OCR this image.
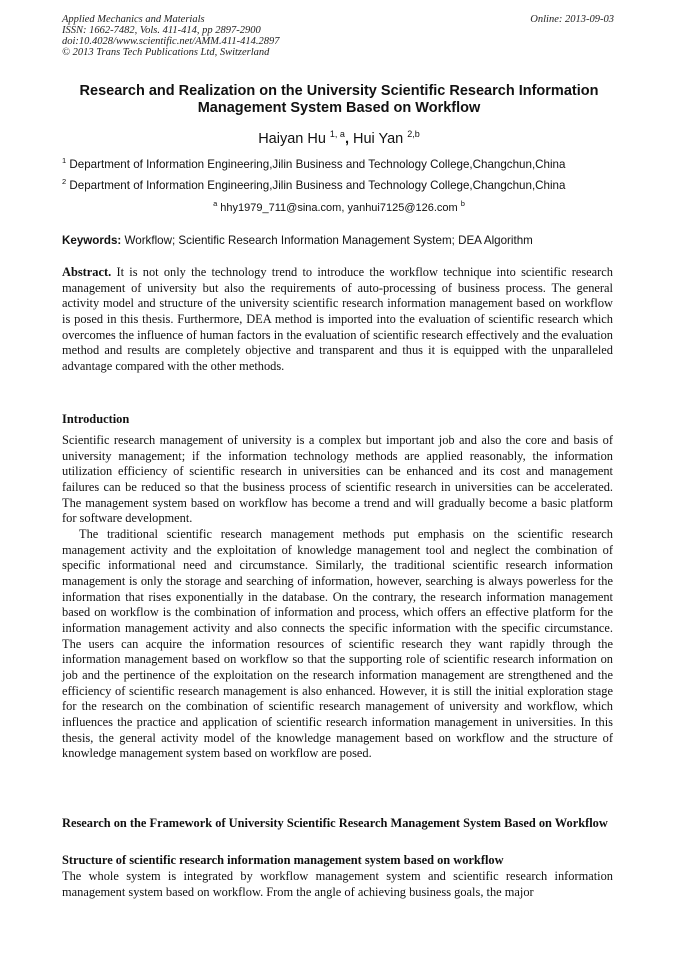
Applied Mechanics and Materials
ISSN: 1662-7482, Vols. 411-414, pp 2897-2900
doi:10.4028/www.scientific.net/AMM.411-414.2897
© 2013 Trans Tech Publications Ltd, Switzerland
Online: 2013-09-03
Research and Realization on the University Scientific Research Information Management System Based on Workflow
Haiyan Hu $^{1, a}$, Hui Yan $^{2,b}$
$^1$ Department of Information Engineering,Jilin Business and Technology College,Changchun,China
$^2$ Department of Information Engineering,Jilin Business and Technology College,Changchun,China
$^a$ hhy1979_711@sina.com, yanhui7125@126.com $^b$
Keywords: Workflow; Scientific Research Information Management System; DEA Algorithm

Abstract. It is not only the technology trend to introduce the workflow technique into scientific research management of university but also the requirements of auto-processing of business process. The general activity model and structure of the university scientific research information management based on workflow is posed in this thesis. Furthermore, DEA method is imported into the evaluation of scientific research which overcomes the influence of human factors in the evaluation of scientific research effectively and the evaluation method and results are completely objective and transparent and thus it is equipped with the unparalleled advantage compared with the other methods.

Introduction

Scientific research management of university is a complex but important job and also the core and basis of university management; if the information technology methods are applied reasonably, the information utilization efficiency of scientific research in universities can be enhanced and its cost and management failures can be reduced so that the business process of scientific research in universities can be accelerated. The management system based on workflow has become a trend and will gradually become a basic platform for software development.

The traditional scientific research management methods put emphasis on the scientific research management activity and the exploitation of knowledge management tool and neglect the combination of specific informational need and circumstance. Similarly, the traditional scientific research information management is only the storage and searching of information, however, searching is always powerless for the information that rises exponentially in the database. On the contrary, the research information management based on workflow is the combination of information and process, which offers an effective platform for the information management activity and also connects the specific information with the specific circumstance. The users can acquire the information resources of scientific research they want rapidly through the information management based on workflow so that the supporting role of scientific research information on job and the pertinence of the exploitation on the research information management are strengthened and the efficiency of scientific research management is also enhanced. However, it is still the initial exploration stage for the research on the combination of scientific research management of university and workflow, which influences the practice and application of scientific research information management in universities. In this thesis, the general activity model of the knowledge management based on workflow and the structure of knowledge management system based on workflow are posed.

Research on the Framework of University Scientific Research Management System Based on Workflow
Structure of scientific research information management system based on workflow

The whole system is integrated by workflow management system and scientific research information management system based on workflow. From the angle of achieving business goals, the major
